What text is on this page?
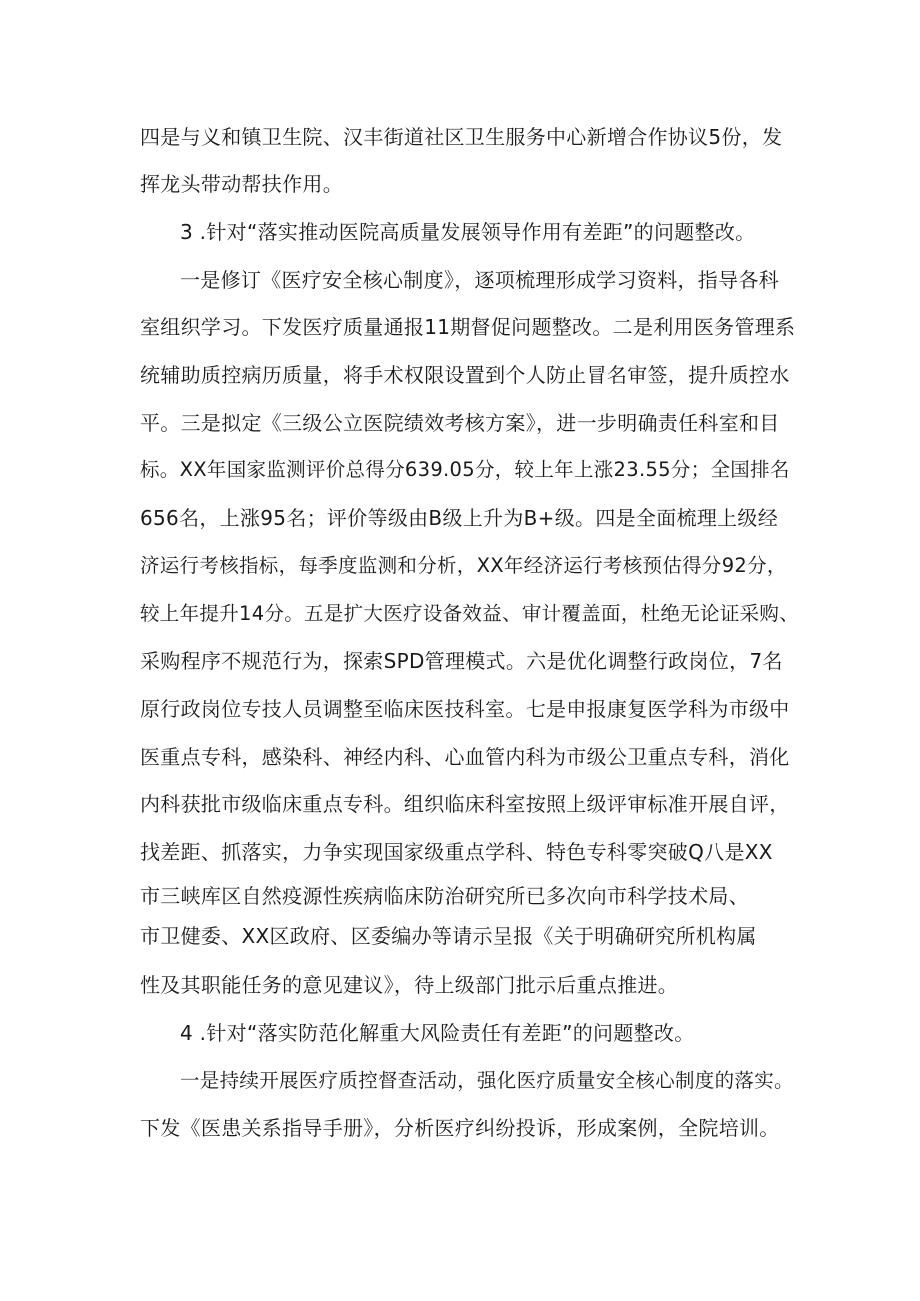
四是与义和镇卫生院、汉丰街道社区卫生服务中心新增合作协议5份，发
挥龙头带动帮扶作用。
3 .针对“落实推动医院高质量发展领导作用有差距”的问题整改。
一是修订《医疗安全核心制度》，逐项梳理形成学习资料，指导各科
室组织学习。下发医疗质量通报11期督促问题整改。二是利用医务管理系
统辅助质控病历质量，将手术权限设置到个人防止冒名审签，提升质控水
平。三是拟定《三级公立医院绩效考核方案》，进一步明确责任科室和目
标。XX年国家监测评价总得分639.05分，较上年上涨23.55分；全国排名
656名，上涨95名；评价等级由B级上升为B+级。四是全面梳理上级经
济运行考核指标，每季度监测和分析，XX年经济运行考核预估得分92分，
较上年提升14分。五是扩大医疗设备效益、审计覆盖面，杜绝无论证采购、
采购程序不规范行为，探索SPD管理模式。六是优化调整行政岗位，7名
原行政岗位专技人员调整至临床医技科室。七是申报康复医学科为市级中
医重点专科，感染科、神经内科、心血管内科为市级公卫重点专科，消化
内科获批市级临床重点专科。组织临床科室按照上级评审标准开展自评，
找差距、抓落实，力争实现国家级重点学科、特色专科零突破Q八是XX
市三峡库区自然疫源性疾病临床防治研究所已多次向市科学技术局、
市卫健委、XX区政府、区委编办等请示呈报《关于明确研究所机构属
性及其职能任务的意见建议》，待上级部门批示后重点推进。
4 .针对“落实防范化解重大风险责任有差距”的问题整改。
一是持续开展医疗质控督查活动，强化医疗质量安全核心制度的落实。
下发《医患关系指导手册》，分析医疗纠纷投诉，形成案例，全院培训。
